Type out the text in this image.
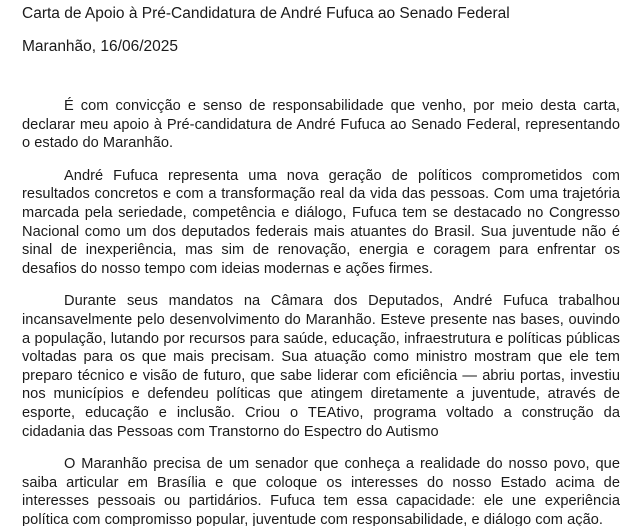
Carta de Apoio à Pré-Candidatura de André Fufuca ao Senado Federal
Maranhão, 16/06/2025

É com convicção e senso de responsabilidade que venho, por meio desta carta, declarar meu apoio à Pré-candidatura de André Fufuca ao Senado Federal, representando o estado do Maranhão.

André Fufuca representa uma nova geração de políticos comprometidos com resultados concretos e com a transformação real da vida das pessoas. Com uma trajetória marcada pela seriedade, competência e diálogo, Fufuca tem se destacado no Congresso Nacional como um dos deputados federais mais atuantes do Brasil. Sua juventude não é sinal de inexperiência, mas sim de renovação, energia e coragem para enfrentar os desafios do nosso tempo com ideias modernas e ações firmes.

Durante seus mandatos na Câmara dos Deputados, André Fufuca trabalhou incansavelmente pelo desenvolvimento do Maranhão. Esteve presente nas bases, ouvindo a população, lutando por recursos para saúde, educação, infraestrutura e políticas públicas voltadas para os que mais precisam. Sua atuação como ministro mostram que ele tem preparo técnico e visão de futuro, que sabe liderar com eficiência — abriu portas, investiu nos municípios e defendeu políticas que atingem diretamente a juventude, através de esporte, educação e inclusão. Criou o TEAtivo, programa voltado a construção da cidadania das Pessoas com Transtorno do Espectro do Autismo

O Maranhão precisa de um senador que conheça a realidade do nosso povo, que saiba articular em Brasília e que coloque os interesses do nosso Estado acima de interesses pessoais ou partidários. Fufuca tem essa capacidade: ele une experiência política com compromisso popular, juventude com responsabilidade, e diálogo com ação.
